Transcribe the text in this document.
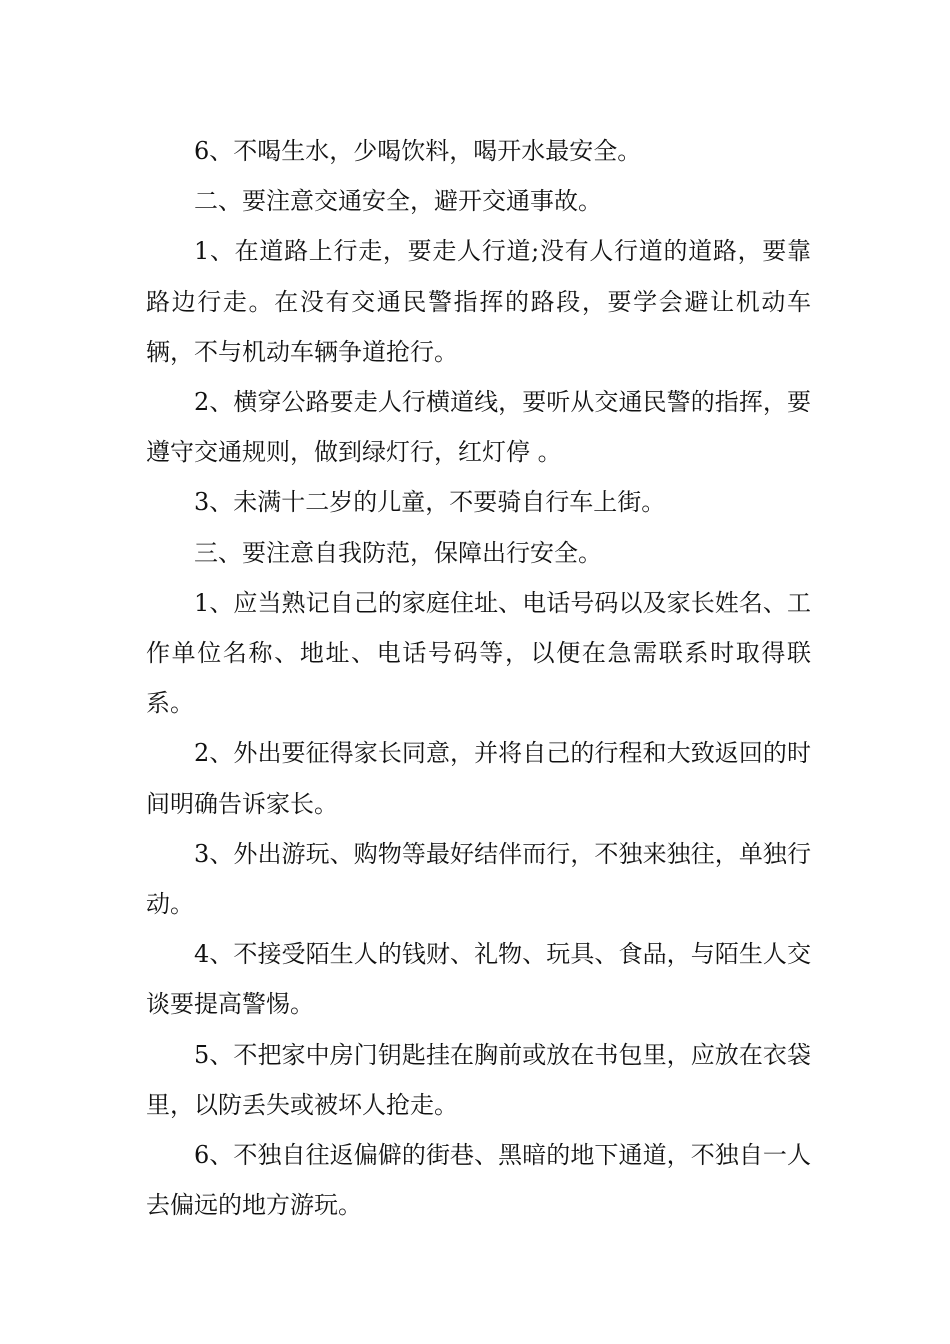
6、不喝生水，少喝饮料，喝开水最安全。

二、要注意交通安全，避开交通事故。

1、在道路上行走，要走人行道;没有人行道的道路，要靠路边行走。在没有交通民警指挥的路段，要学会避让机动车辆，不与机动车辆争道抢行。

2、横穿公路要走人行横道线，要听从交通民警的指挥，要遵守交通规则，做到绿灯行，红灯停 。

3、未满十二岁的儿童，不要骑自行车上街。

三、要注意自我防范，保障出行安全。

1、应当熟记自己的家庭住址、电话号码以及家长姓名、工作单位名称、地址、电话号码等，以便在急需联系时取得联系。

2、外出要征得家长同意，并将自己的行程和大致返回的时间明确告诉家长。

3、外出游玩、购物等最好结伴而行，不独来独往，单独行动。

4、不接受陌生人的钱财、礼物、玩具、食品，与陌生人交谈要提高警惕。

5、不把家中房门钥匙挂在胸前或放在书包里，应放在衣袋里，以防丢失或被坏人抢走。

6、不独自往返偏僻的街巷、黑暗的地下通道，不独自一人去偏远的地方游玩。
